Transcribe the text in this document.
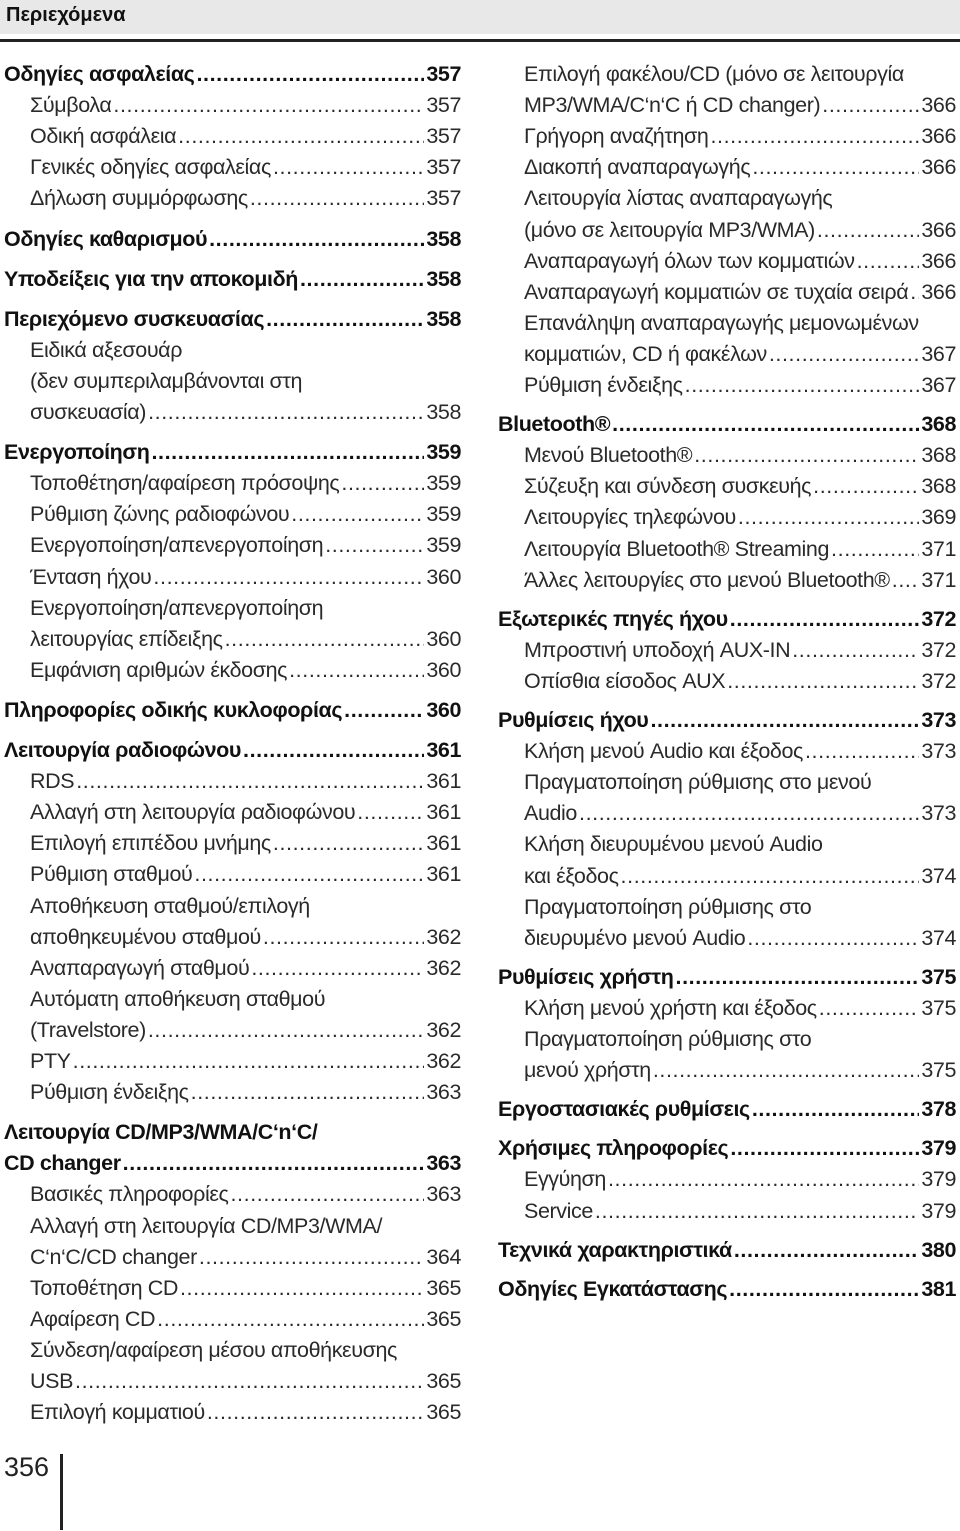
Περιεχόμενα
Οδηγίες ασφαλείας .....	357
Σύμβολα .....	357
Οδική ασφάλεια .....	357
Γενικές οδηγίες ασφαλείας .....	357
Δήλωση συμμόρφωσης .....	357
Οδηγίες καθαρισμού .....	358
Υποδείξεις για την αποκομιδή .....	358
Περιεχόμενο συσκευασίας .....	358
Ειδικά αξεσουάρ
(δεν συμπεριλαμβάνονται στη
συσκευασία) .....	358
Ενεργοποίηση .....	359
Τοποθέτηση/αφαίρεση πρόσοψης .....	359
Ρύθμιση ζώνης ραδιοφώνου .....	359
Ενεργοποίηση/απενεργοποίηση .....	359
Ένταση ήχου .....	360
Ενεργοποίηση/απενεργοποίηση
λειτουργίας επίδειξης .....	360
Εμφάνιση αριθμών έκδοσης .....	360
Πληροφορίες οδικής κυκλοφορίας .....	360
Λειτουργία ραδιοφώνου .....	361
RDS .....	361
Αλλαγή στη λειτουργία ραδιοφώνου .....	361
Επιλογή επιπέδου μνήμης .....	361
Ρύθμιση σταθμού .....	361
Αποθήκευση σταθμού/επιλογή
αποθηκευμένου σταθμού .....	362
Αναπαραγωγή σταθμού .....	362
Αυτόματη αποθήκευση σταθμού
(Travelstore) .....	362
PTY .....	362
Ρύθμιση ένδειξης .....	363
Λειτουργία CD/MP3/WMA/C‘n‘C/
CD changer .....	363
Βασικές πληροφορίες .....	363
Αλλαγή στη λειτουργία CD/MP3/WMA/
C‘n‘C/CD changer .....	364
Τοποθέτηση CD .....	365
Αφαίρεση CD .....	365
Σύνδεση/αφαίρεση μέσου αποθήκευσης
USB .....	365
Επιλογή κομματιού .....	365
Επιλογή φακέλου/CD (μόνο σε λειτουργία
MP3/WMA/C‘n‘C ή CD changer) .....	366
Γρήγορη αναζήτηση .....	366
Διακοπή αναπαραγωγής .....	366
Λειτουργία λίστας αναπαραγωγής
(μόνο σε λειτουργία MP3/WMA) .....	366
Αναπαραγωγή όλων των κομματιών .....	366
Αναπαραγωγή κομματιών σε τυχαία σειρά ..... 366
Επανάληψη αναπαραγωγής μεμονωμένων
κομματιών, CD ή φακέλων .....	367
Ρύθμιση ένδειξης .....	367
Bluetooth® .....	368
Μενού Bluetooth® .....	368
Σύζευξη και σύνδεση συσκευής .....	368
Λειτουργίες τηλεφώνου .....	369
Λειτουργία Bluetooth® Streaming .....	371
Άλλες λειτουργίες στο μενού Bluetooth® ..... 371
Εξωτερικές πηγές ήχου .....	372
Μπροστινή υποδοχή AUX-IN .....	372
Οπίσθια είσοδος AUX .....	372
Ρυθμίσεις ήχου .....	373
Κλήση μενού Audio και έξοδος .....	373
Πραγματοποίηση ρύθμισης στο μενού
Audio .....	373
Κλήση διευρυμένου μενού Audio
και έξοδος .....	374
Πραγματοποίηση ρύθμισης στο
διευρυμένο μενού Audio .....	374
Ρυθμίσεις χρήστη .....	375
Κλήση μενού χρήστη και έξοδος .....	375
Πραγματοποίηση ρύθμισης στο
μενού χρήστη .....	375
Εργοστασιακές ρυθμίσεις .....	378
Χρήσιμες πληροφορίες .....	379
Εγγύηση .....	379
Service .....	379
Τεχνικά χαρακτηριστικά .....	380
Οδηγίες Εγκατάστασης .....	381
356
